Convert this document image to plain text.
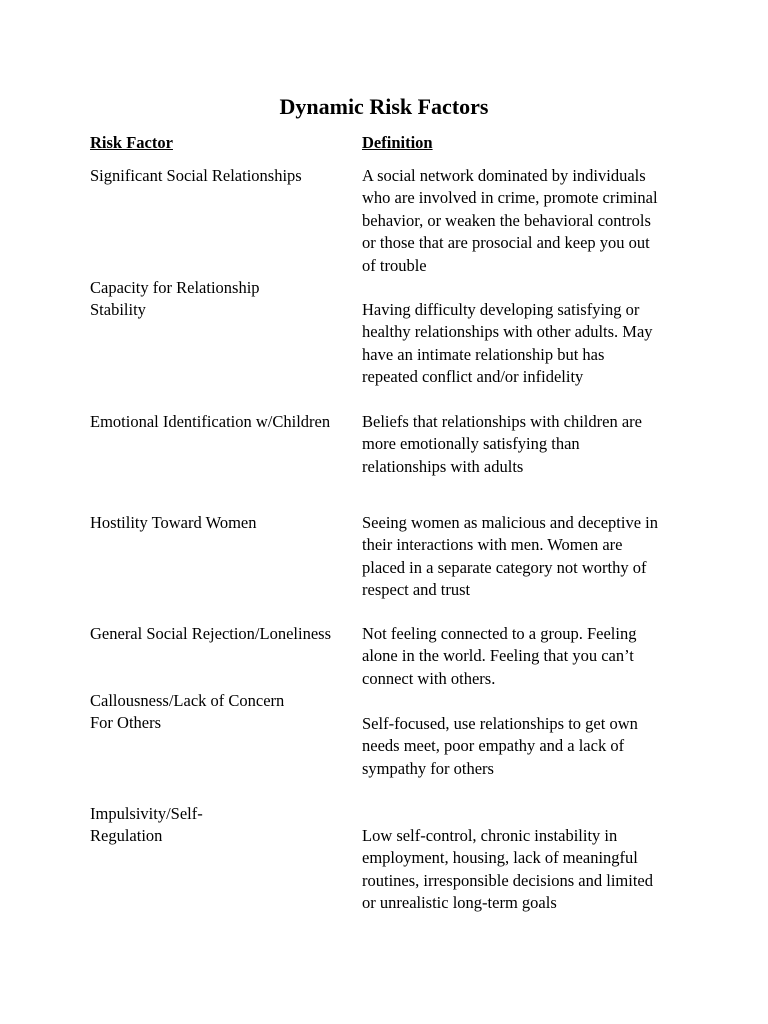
Dynamic Risk Factors
Risk Factor	Definition
Significant Social Relationships	A social network dominated by individuals
who are involved in crime, promote criminal
behavior, or weaken the behavioral controls
or those that are prosocial and keep you out
of trouble
Capacity for Relationship
Stability	Having difficulty developing satisfying or
healthy relationships with other adults. May
have an intimate relationship but has
repeated conflict and/or infidelity
Emotional Identification w/Children	Beliefs that relationships with children are
more emotionally satisfying than
relationships with adults
Hostility Toward Women	Seeing women as malicious and deceptive in
their interactions with men. Women are
placed in a separate category not worthy of
respect and trust
General Social Rejection/Loneliness	Not feeling connected to a group. Feeling
alone in the world. Feeling that you can’t
connect with others.
Callousness/Lack of Concern
For Others	Self-focused, use relationships to get own
needs meet, poor empathy and a lack of
sympathy for others
Impulsivity/Self-
Regulation	Low self-control, chronic instability in
employment, housing, lack of meaningful
routines, irresponsible decisions and limited
or unrealistic long-term goals
